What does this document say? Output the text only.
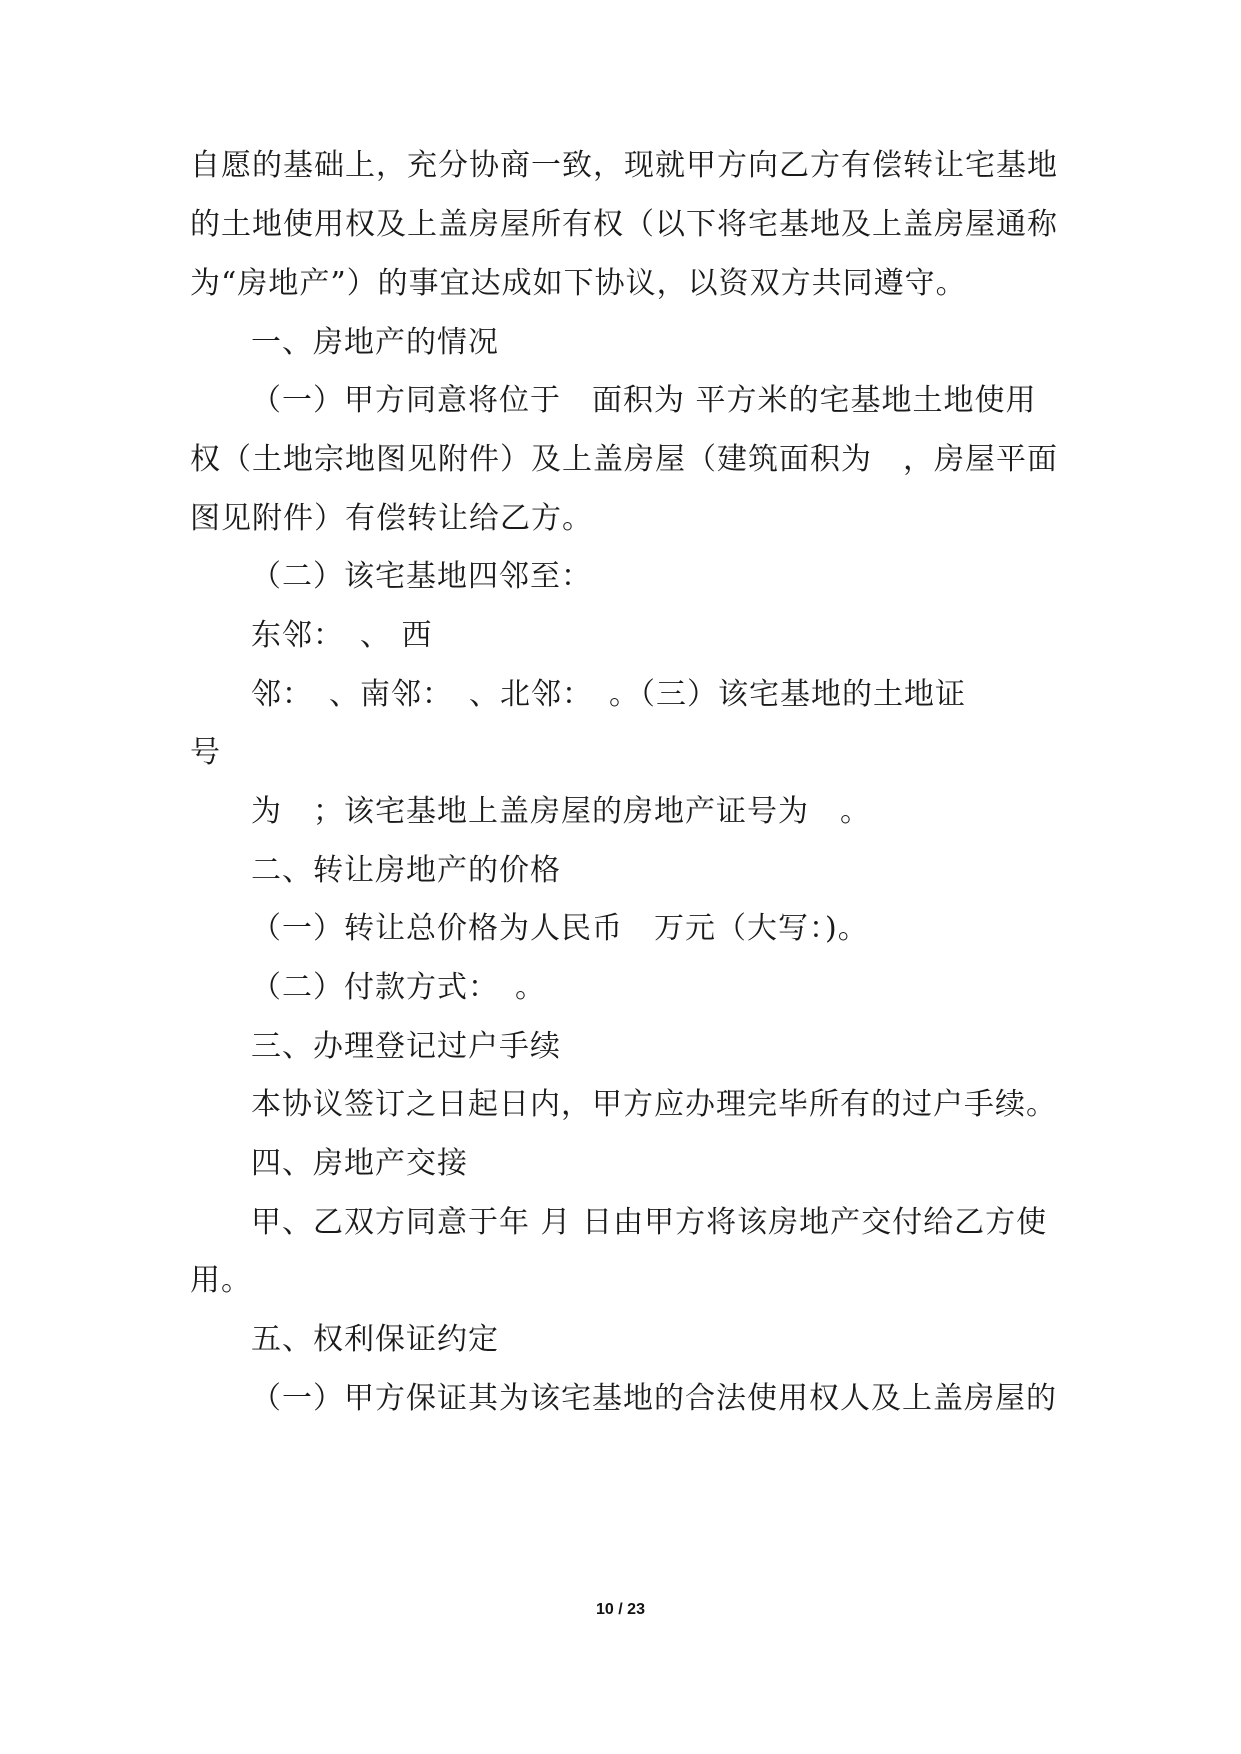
自愿的基础上，充分协商一致，现就甲方向乙方有偿转让宅基地
的土地使用权及上盖房屋所有权（以下将宅基地及上盖房屋通称
为“房地产”）的事宜达成如下协议，以资双方共同遵守。
一、房地产的情况
（一）甲方同意将位于　面积为 平方米的宅基地土地使用
权（土地宗地图见附件）及上盖房屋（建筑面积为　，房屋平面
图见附件）有偿转让给乙方。
（二）该宅基地四邻至：
东邻：　、 西
邻：　、南邻：　、北邻：　。（三）该宅基地的土地证
号
为　；该宅基地上盖房屋的房地产证号为　。
二、转让房地产的价格
（一）转让总价格为人民币　万元（大写：)。
（二）付款方式：　。
三、办理登记过户手续
本协议签订之日起日内，甲方应办理完毕所有的过户手续。
四、房地产交接
甲、乙双方同意于年 月 日由甲方将该房地产交付给乙方使
用。
五、权利保证约定
（一）甲方保证其为该宅基地的合法使用权人及上盖房屋的
10 / 23
